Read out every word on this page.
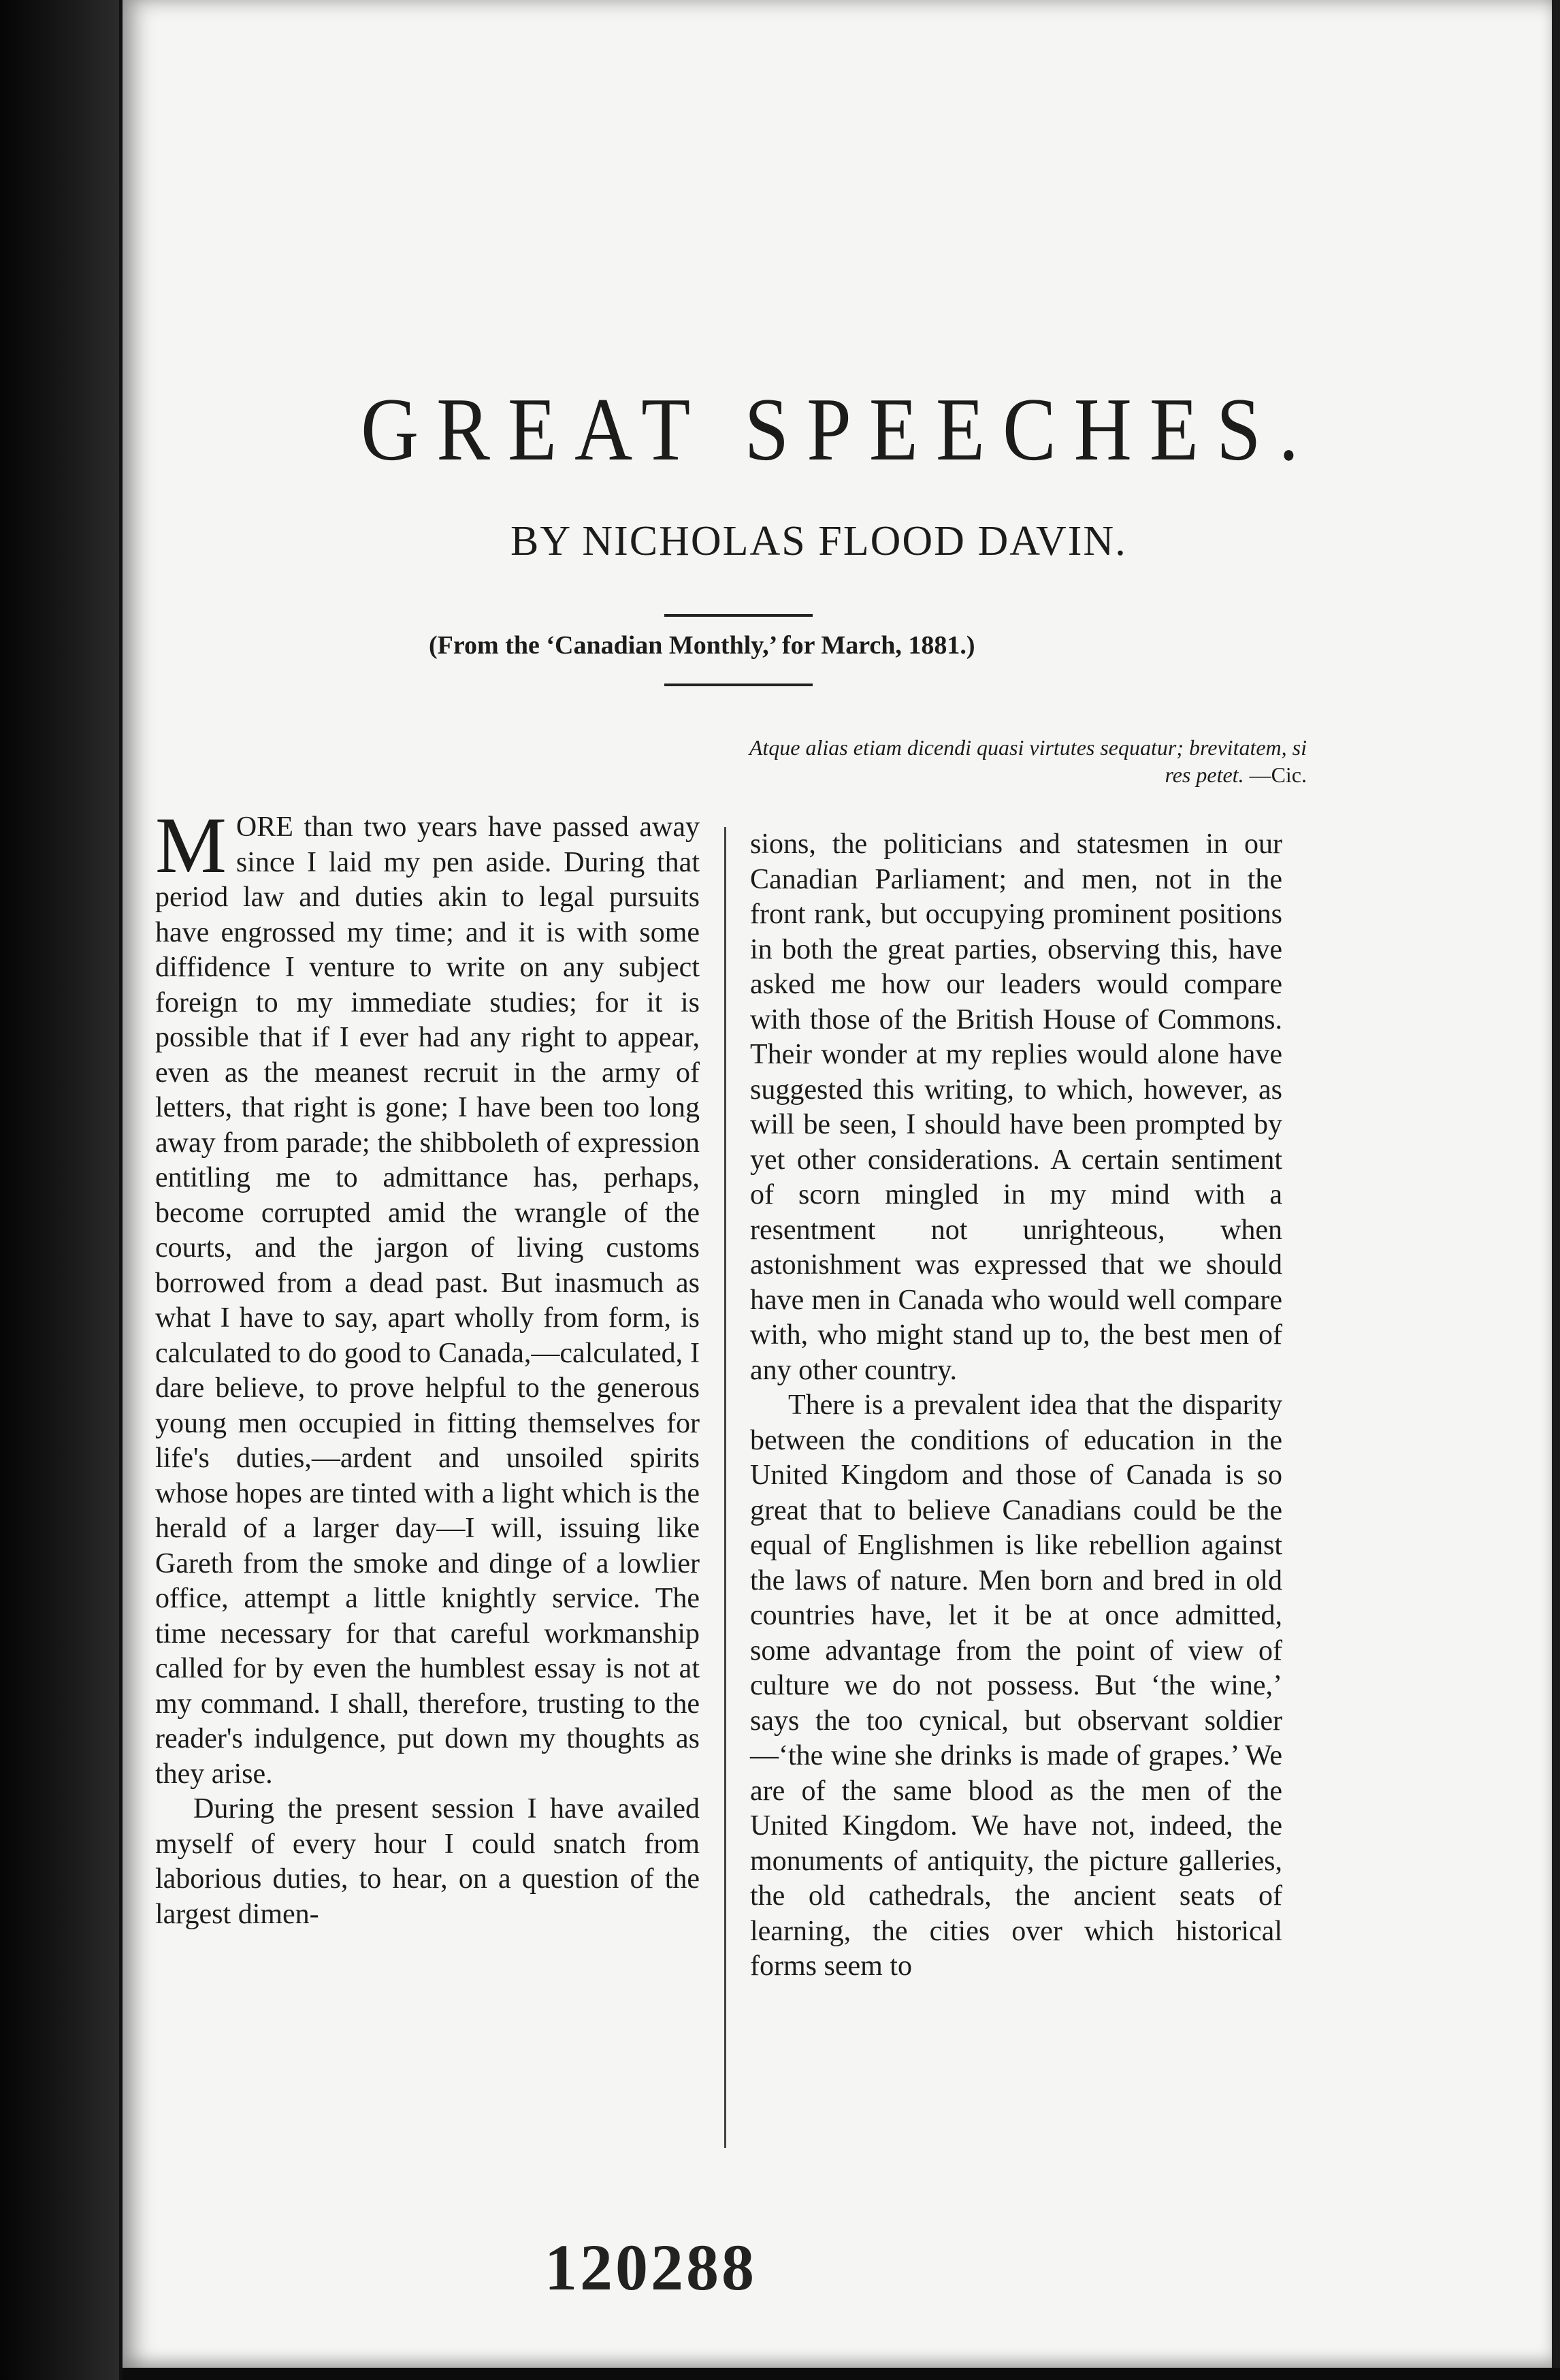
GREAT SPEECHES.
BY NICHOLAS FLOOD DAVIN.
(From the ‘Canadian Monthly,’ for March, 1881.)
Atque alias etiam dicendi quasi virtutes sequatur; brevitatem, si res petet. —Cic.

MORE than two years have passed away since I laid my pen aside. During that period law and duties akin to legal pursuits have engrossed my time; and it is with some diffidence I venture to write on any subject foreign to my immediate studies; for it is possible that if I ever had any right to appear, even as the meanest recruit in the army of letters, that right is gone; I have been too long away from parade; the shibboleth of expression entitling me to admittance has, perhaps, become corrupted amid the wrangle of the courts, and the jargon of living customs borrowed from a dead past. But inasmuch as what I have to say, apart wholly from form, is calculated to do good to Canada,—calculated, I dare believe, to prove helpful to the generous young men occupied in fitting themselves for life's duties,—ardent and unsoiled spirits whose hopes are tinted with a light which is the herald of a larger day—I will, issuing like Gareth from the smoke and dinge of a lowlier office, attempt a little knightly service. The time necessary for that careful workmanship called for by even the humblest essay is not at my command. I shall, therefore, trusting to the reader's indulgence, put down my thoughts as they arise.

During the present session I have availed myself of every hour I could snatch from laborious duties, to hear, on a question of the largest dimen-

sions, the politicians and statesmen in our Canadian Parliament; and men, not in the front rank, but occupying prominent positions in both the great parties, observing this, have asked me how our leaders would compare with those of the British House of Commons. Their wonder at my replies would alone have suggested this writing, to which, however, as will be seen, I should have been prompted by yet other considerations. A certain sentiment of scorn mingled in my mind with a resentment not unrighteous, when astonishment was expressed that we should have men in Canada who would well compare with, who might stand up to, the best men of any other country.

There is a prevalent idea that the disparity between the conditions of education in the United Kingdom and those of Canada is so great that to believe Canadians could be the equal of Englishmen is like rebellion against the laws of nature. Men born and bred in old countries have, let it be at once admitted, some advantage from the point of view of culture we do not possess. But ‘the wine,’ says the too cynical, but observant soldier—‘the wine she drinks is made of grapes.’ We are of the same blood as the men of the United Kingdom. We have not, indeed, the monuments of antiquity, the picture galleries, the old cathedrals, the ancient seats of learning, the cities over which historical forms seem to

120288
